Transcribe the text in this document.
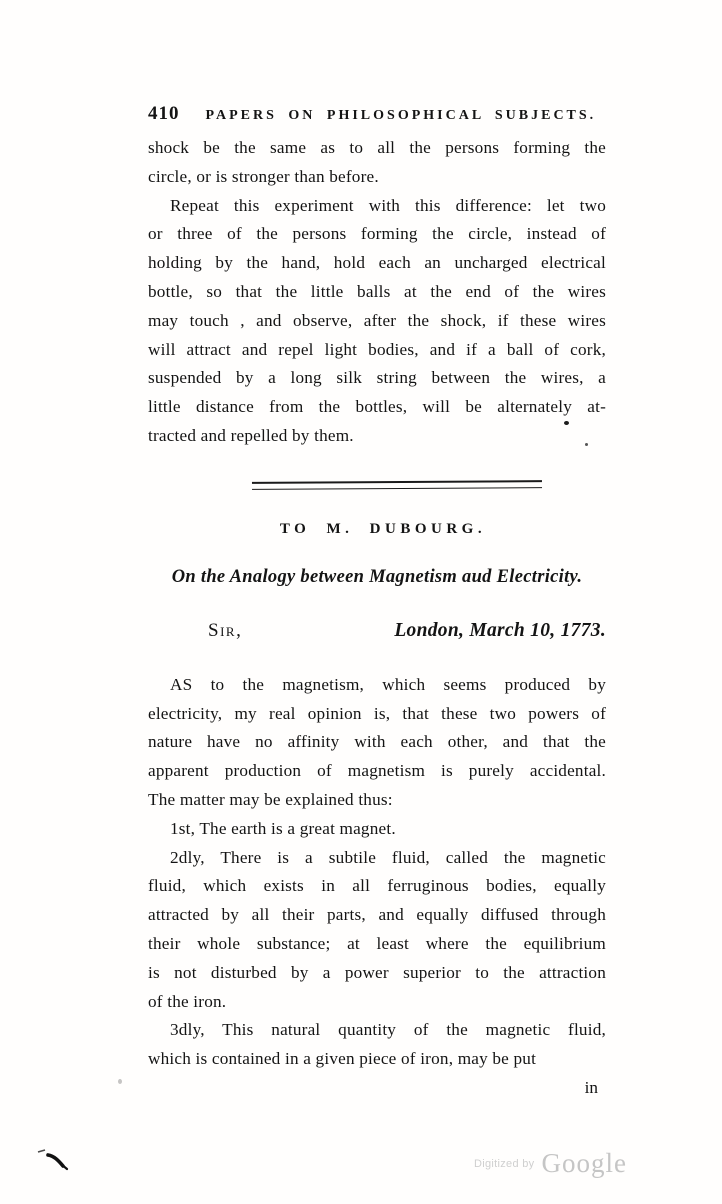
410 PAPERS ON PHILOSOPHICAL SUBJECTS.
shock be the same as to all the persons forming the
circle, or is stronger than before.
Repeat this experiment with this difference: let two
or three of the persons forming the circle, instead of
holding by the hand, hold each an uncharged electrical
bottle, so that the little balls at the end of the wires
may touch , and observe, after the shock, if these wires
will attract and repel light bodies, and if a ball of cork,
suspended by a long silk string between the wires, a
little distance from the bottles, will be alternately at-
tracted and repelled by them.
TO M. DUBOURG.
On the Analogy between Magnetism aud Electricity.
Sir,	London, March 10, 1773.
AS to the magnetism, which seems produced by
electricity, my real opinion is, that these two powers of
nature have no affinity with each other, and that the
apparent production of magnetism is purely accidental.
The matter may be explained thus:
1st, The earth is a great magnet.
2dly, There is a subtile fluid, called the magnetic
fluid, which exists in all ferruginous bodies, equally
attracted by all their parts, and equally diffused through
their whole substance; at least where the equilibrium
is not disturbed by a power superior to the attraction
of the iron.
3dly, This natural quantity of the magnetic fluid,
which is contained in a given piece of iron, may be put
in
Digitized by Google
